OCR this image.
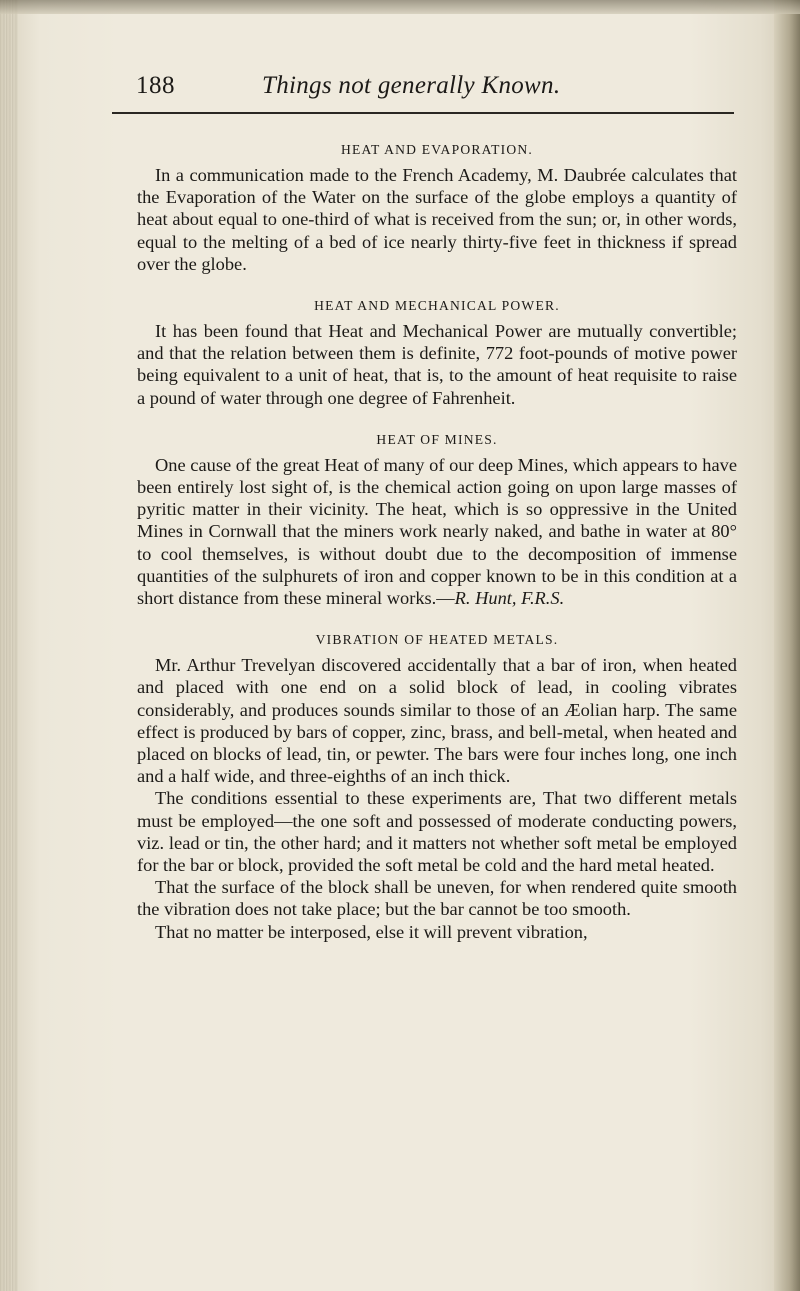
188	Things not generally Known.
HEAT AND EVAPORATION.

In a communication made to the French Academy, M. Daubrée calculates that the Evaporation of the Water on the surface of the globe employs a quantity of heat about equal to one-third of what is received from the sun; or, in other words, equal to the melting of a bed of ice nearly thirty-five feet in thickness if spread over the globe.

HEAT AND MECHANICAL POWER.

It has been found that Heat and Mechanical Power are mutually convertible; and that the relation between them is definite, 772 foot-pounds of motive power being equivalent to a unit of heat, that is, to the amount of heat requisite to raise a pound of water through one degree of Fahrenheit.

HEAT OF MINES.

One cause of the great Heat of many of our deep Mines, which appears to have been entirely lost sight of, is the chemical action going on upon large masses of pyritic matter in their vicinity. The heat, which is so oppressive in the United Mines in Cornwall that the miners work nearly naked, and bathe in water at 80° to cool themselves, is without doubt due to the decomposition of immense quantities of the sulphurets of iron and copper known to be in this condition at a short distance from these mineral works.—R. Hunt, F.R.S.

VIBRATION OF HEATED METALS.

Mr. Arthur Trevelyan discovered accidentally that a bar of iron, when heated and placed with one end on a solid block of lead, in cooling vibrates considerably, and produces sounds similar to those of an Æolian harp. The same effect is produced by bars of copper, zinc, brass, and bell-metal, when heated and placed on blocks of lead, tin, or pewter. The bars were four inches long, one inch and a half wide, and three-eighths of an inch thick.

The conditions essential to these experiments are, That two different metals must be employed—the one soft and possessed of moderate conducting powers, viz. lead or tin, the other hard; and it matters not whether soft metal be employed for the bar or block, provided the soft metal be cold and the hard metal heated.

That the surface of the block shall be uneven, for when rendered quite smooth the vibration does not take place; but the bar cannot be too smooth.

That no matter be interposed, else it will prevent vibration,
